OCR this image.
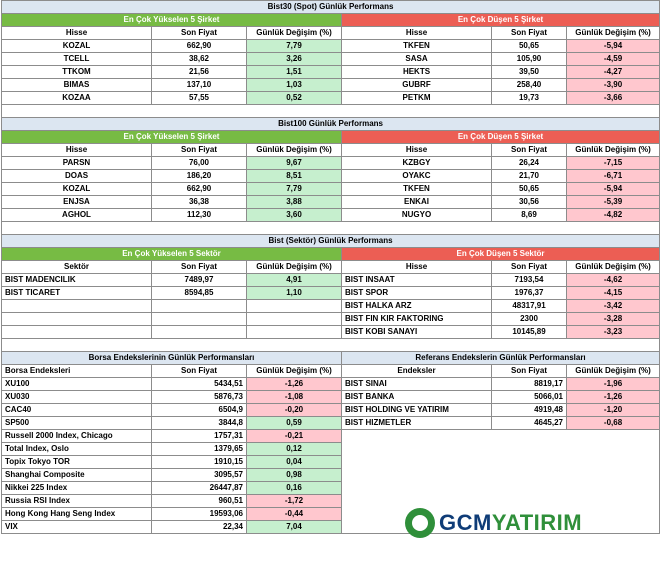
Bist30 (Spot) Günlük Performans					
En Çok Yükselen 5 Şirket			En Çok Düşen 5 Şirket		
Hisse	Son Fiyat	Günlük Değişim (%)	Hisse	Son Fiyat	Günlük Değişim (%)
KOZAL	662,90	7,79	TKFEN	50,65	-5,94
TCELL	38,62	3,26	SASA	105,90	-4,59
TTKOM	21,56	1,51	HEKTS	39,50	-4,27
BIMAS	137,10	1,03	GUBRF	258,40	-3,90
KOZAA	57,55	0,52	PETKM	19,73	-3,66

Bist100 Günlük Performans					
En Çok Yükselen 5 Şirket			En Çok Düşen 5 Şirket		
Hisse	Son Fiyat	Günlük Değişim (%)	Hisse	Son Fiyat	Günlük Değişim (%)
PARSN	76,00	9,67	KZBGY	26,24	-7,15
DOAS	186,20	8,51	OYAKC	21,70	-6,71
KOZAL	662,90	7,79	TKFEN	50,65	-5,94
ENJSA	36,38	3,88	ENKAI	30,56	-5,39
AGHOL	112,30	3,60	NUGYO	8,69	-4,82

Bist (Sektör) Günlük Performans					
En Çok Yükselen 5 Sektör			En Çok Düşen 5 Sektör		
Sektör	Son Fiyat	Günlük Değişim (%)	Hisse	Son Fiyat	Günlük Değişim (%)
BIST MADENCILIK	7489,97	4,91	BIST INSAAT	7193,54	-4,62
BIST TICARET	8594,85	1,10	BIST SPOR	1976,37	-4,15
			BIST HALKA ARZ	48317,91	-3,42
			BIST FIN KIR FAKTORING	2300	-3,28
			BIST KOBI SANAYI	10145,89	-3,23

Borsa Endekslerinin Günlük Performansları			Referans Endekslerin Günlük Performansları		
Borsa Endeksleri	Son Fiyat	Günlük Değişim (%)	Endeksler	Son Fiyat	Günlük Değişim (%)
XU100	5434,51	-1,26	BIST SINAI	8819,17	-1,96
XU030	5876,73	-1,08	BIST BANKA	5066,01	-1,26
CAC40	6504,9	-0,20	BIST HOLDING VE YATIRIM	4919,48	-1,20
SP500	3844,8	0,59	BIST HIZMETLER	4645,27	-0,68
Russell 2000 Index, Chicago	1757,31	-0,21			
Total Index, Oslo	1379,65	0,12			
Topix Tokyo TOR	1910,15	0,04			
Shanghai Composite	3095,57	0,98			
Nikkei 225 Index	26447,87	0,16			
Russia RSI Index	960,51	-1,72			
Hong Kong Hang Seng Index	19593,06	-0,44			
VIX	22,34	7,04				GCMYATIRIM
